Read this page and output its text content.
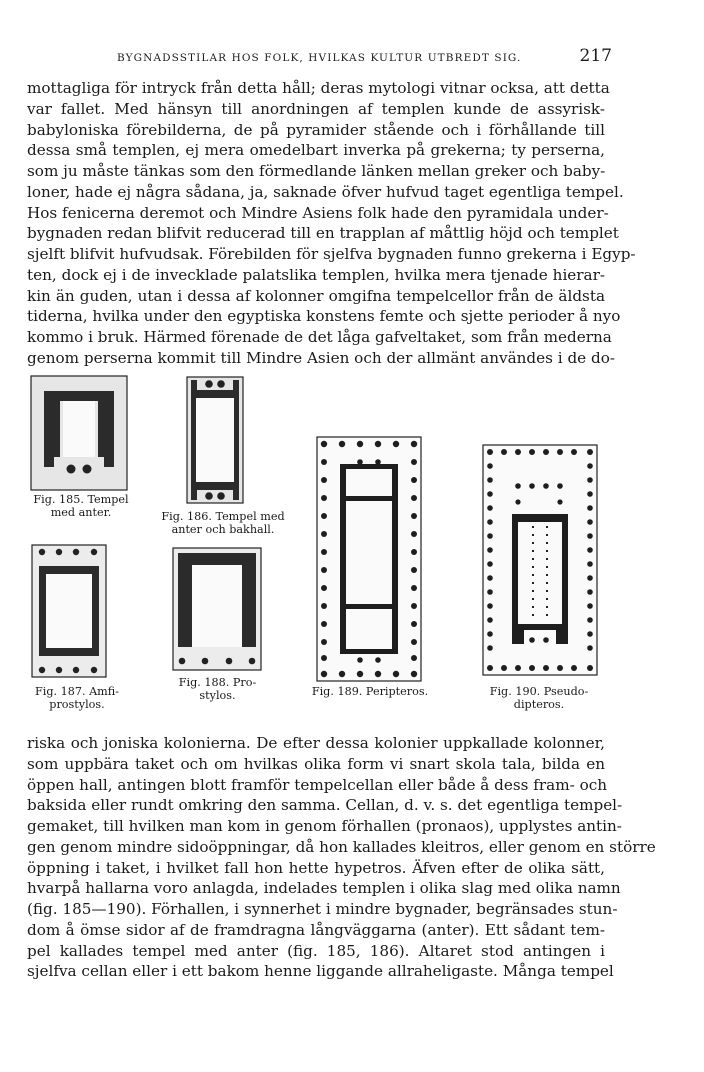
BYGNADSSTILAR HOS FOLK, HVILKAS KULTUR UTBREDT SIG.	217
mottagliga för intryck från detta håll; deras mytologi vitnar ocksa, att detta
var fallet. Med hänsyn till anordningen af templen kunde de assyrisk-
babyloniska förebilderna, de på pyramider stående och i förhållande till
dessa små templen, ej mera omedelbart inverka på grekerna; ty perserna,
som ju måste tänkas som den förmedlande länken mellan greker och baby-
loner, hade ej några sådana, ja, saknade öfver hufvud taget egentliga tempel.
Hos fenicerna deremot och Mindre Asiens folk hade den pyramidala under-
bygnaden redan blifvit reducerad till en trapplan af måttlig höjd och templet
sjelft blifvit hufvudsak. Förebilden för sjelfva bygnaden funno grekerna i Egyp-
ten, dock ej i de invecklade palatslika templen, hvilka mera tjenade hierar-
kin än guden, utan i dessa af kolonner omgifna tempelcellor från de äldsta
tiderna, hvilka under den egyptiska konstens femte och sjette perioder å nyo
kommo i bruk. Härmed förenade de det låga gafveltaket, som från mederna
genom perserna kommit till Mindre Asien och der allmänt användes i de do-
Fig. 185. Tempel
med anter.	Fig. 186. Tempel med
anter och bakhall.
Fig. 187. Amfi-
prostylos.
Fig. 188. Pro-
stylos.	Fig. 189. Peripteros.	Fig. 190. Pseudo-
dipteros.
riska och joniska kolonierna. De efter dessa kolonier uppkallade kolonner,
som uppbära taket och om hvilkas olika form vi snart skola tala, bilda en
öppen hall, antingen blott framför tempelcellan eller både å dess fram- och
baksida eller rundt omkring den samma. Cellan, d. v. s. det egentliga tempel-
gemaket, till hvilken man kom in genom förhallen (pronaos), upplystes antin-
gen genom mindre sidoöppningar, då hon kallades kleitros, eller genom en större
öppning i taket, i hvilket fall hon hette hypetros. Äfven efter de olika sätt,
hvarpå hallarna voro anlagda, indelades templen i olika slag med olika namn
(fig. 185—190). Förhallen, i synnerhet i mindre bygnader, begränsades stun-
dom å ömse sidor af de framdragna långväggarna (anter). Ett sådant tem-
pel kallades tempel med anter (fig. 185, 186). Altaret stod antingen i
sjelfva cellan eller i ett bakom henne liggande allraheligaste. Många tempel
